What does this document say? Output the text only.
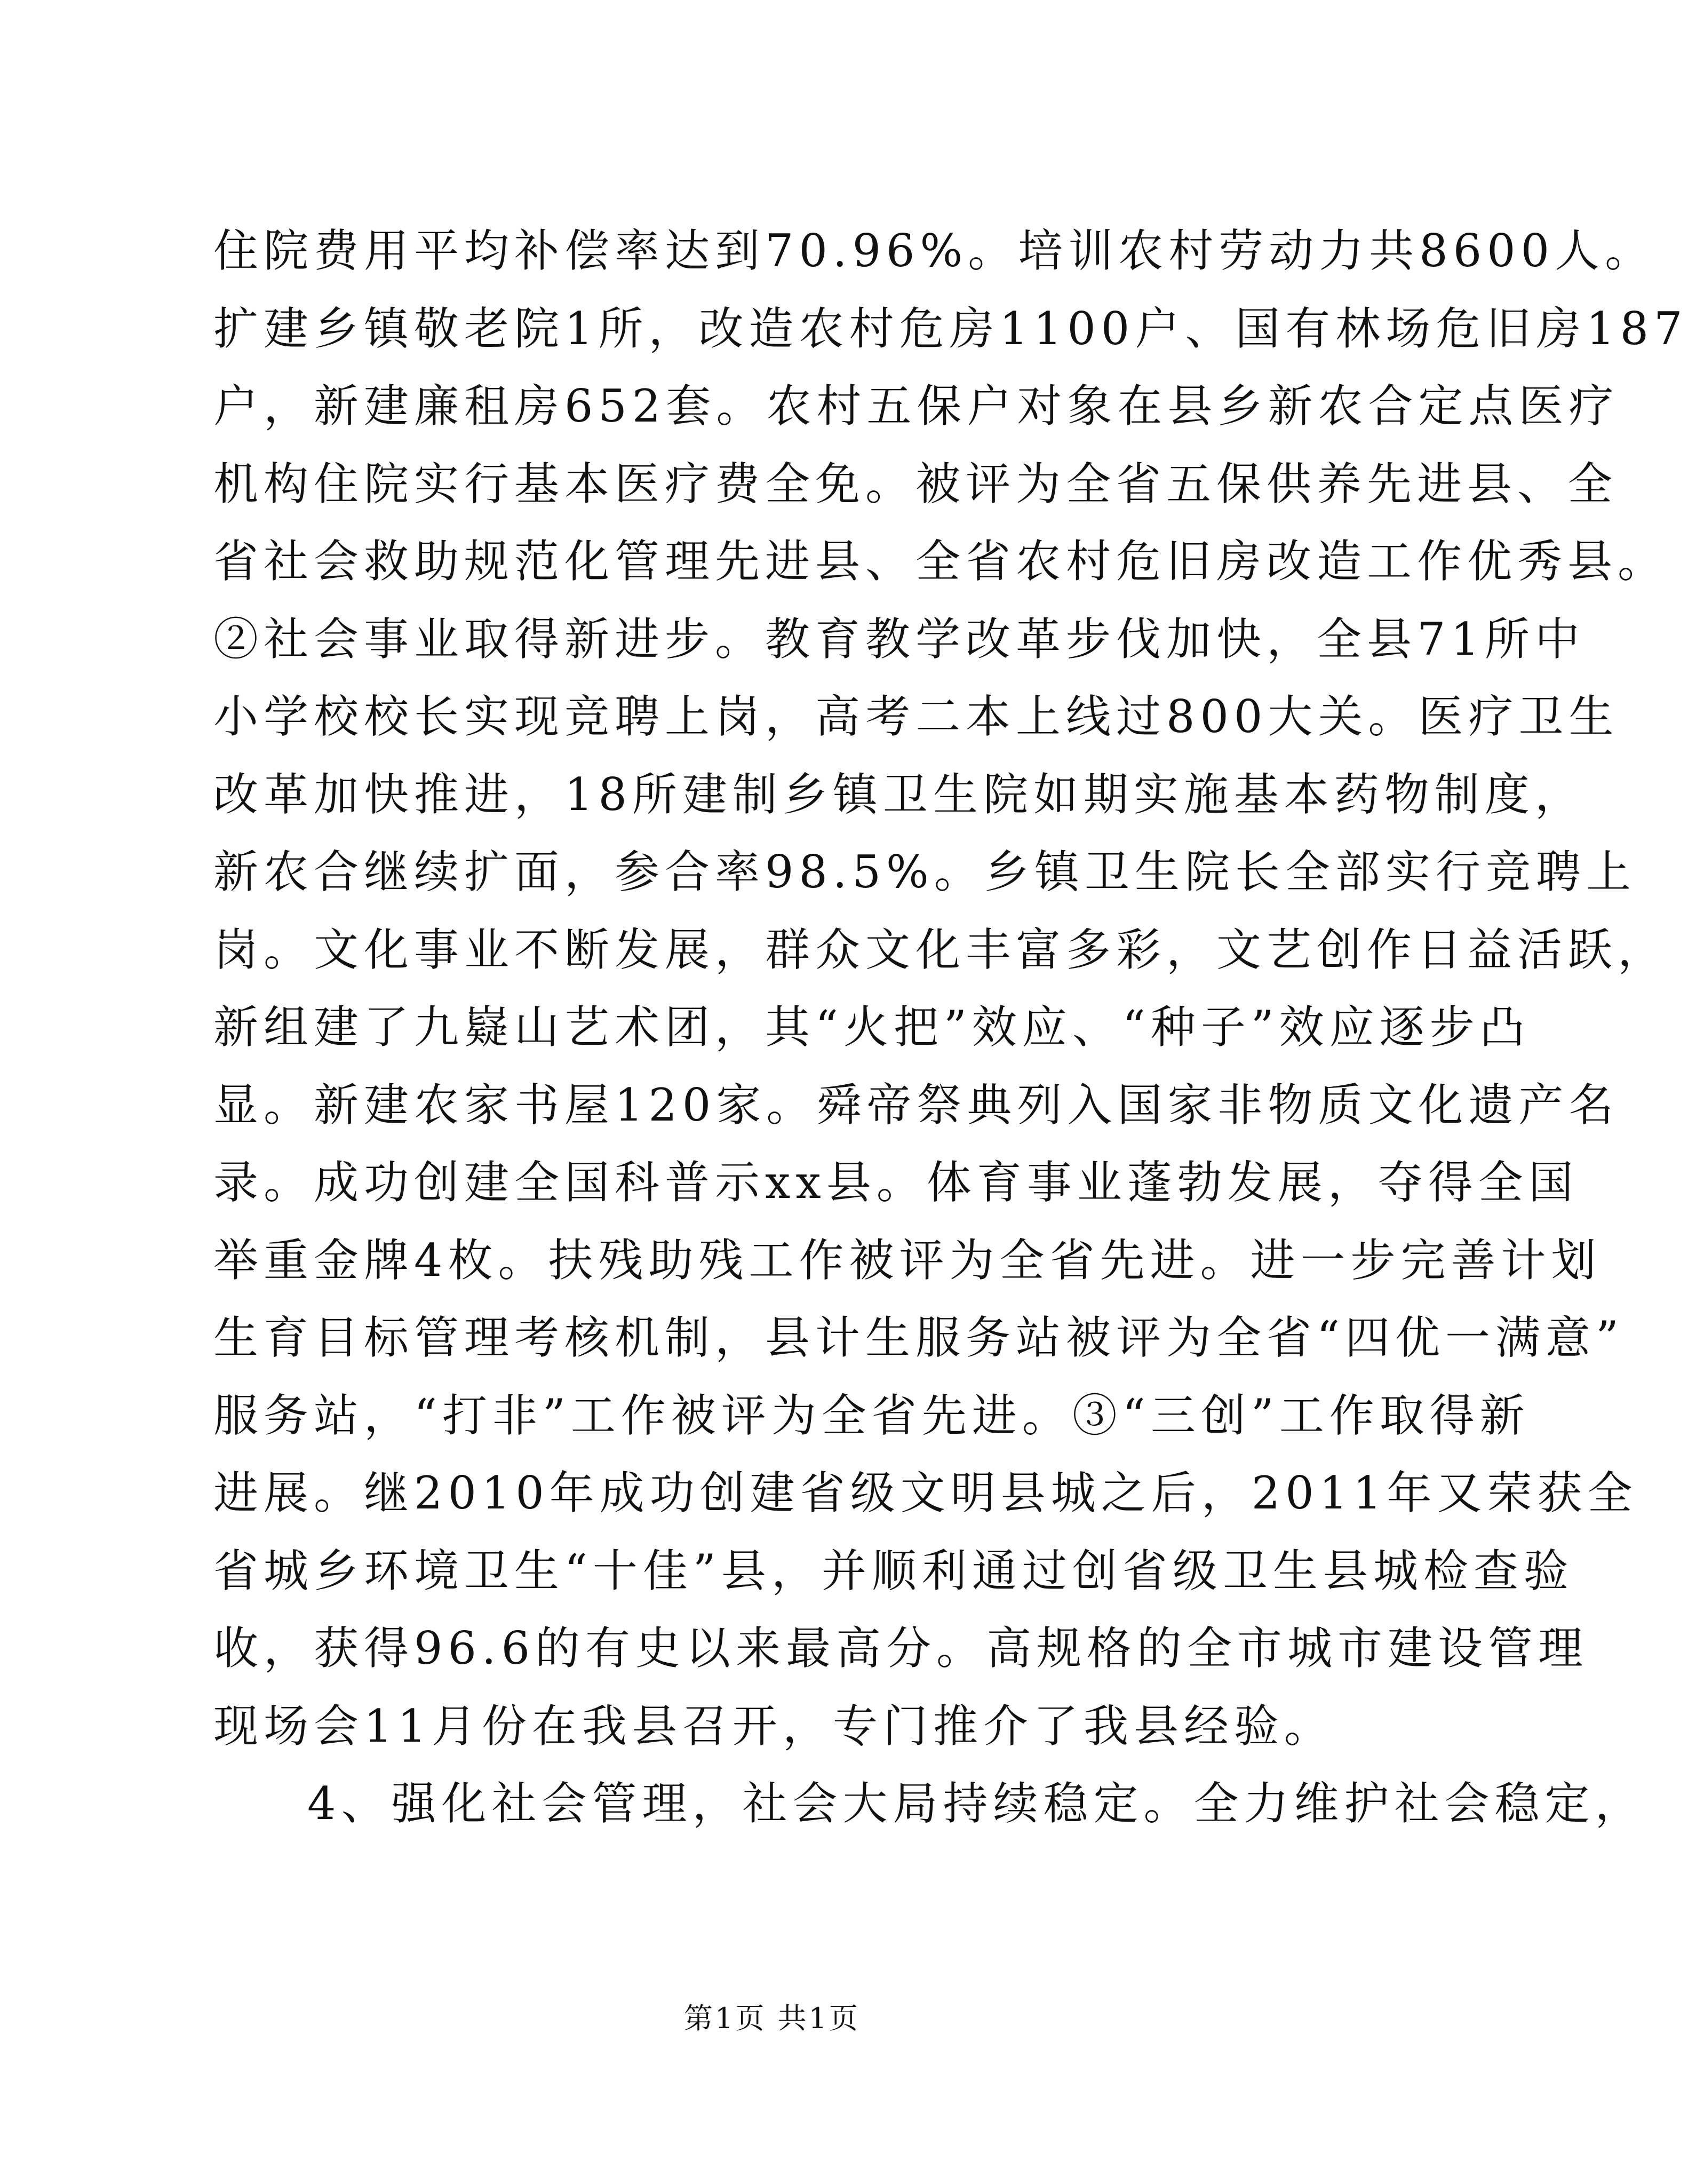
住院费用平均补偿率达到70.96%。培训农村劳动力共8600人。
扩建乡镇敬老院1所，改造农村危房1100户、国有林场危旧房187
户，新建廉租房652套。农村五保户对象在县乡新农合定点医疗
机构住院实行基本医疗费全免。被评为全省五保供养先进县、全
省社会救助规范化管理先进县、全省农村危旧房改造工作优秀县。
②社会事业取得新进步。教育教学改革步伐加快，全县71所中
小学校校长实现竞聘上岗，高考二本上线过800大关。医疗卫生
改革加快推进，18所建制乡镇卫生院如期实施基本药物制度，
新农合继续扩面，参合率98.5%。乡镇卫生院长全部实行竞聘上
岗。文化事业不断发展，群众文化丰富多彩，文艺创作日益活跃，
新组建了九嶷山艺术团，其“火把”效应、“种子”效应逐步凸
显。新建农家书屋120家。舜帝祭典列入国家非物质文化遗产名
录。成功创建全国科普示xx县。体育事业蓬勃发展，夺得全国
举重金牌4枚。扶残助残工作被评为全省先进。进一步完善计划
生育目标管理考核机制，县计生服务站被评为全省“四优一满意”
服务站，“打非”工作被评为全省先进。③“三创”工作取得新
进展。继2010年成功创建省级文明县城之后，2011年又荣获全
省城乡环境卫生“十佳”县，并顺利通过创省级卫生县城检查验
收，获得96.6的有史以来最高分。高规格的全市城市建设管理
现场会11月份在我县召开，专门推介了我县经验。
4、强化社会管理，社会大局持续稳定。全力维护社会稳定，
第1页 共1页
